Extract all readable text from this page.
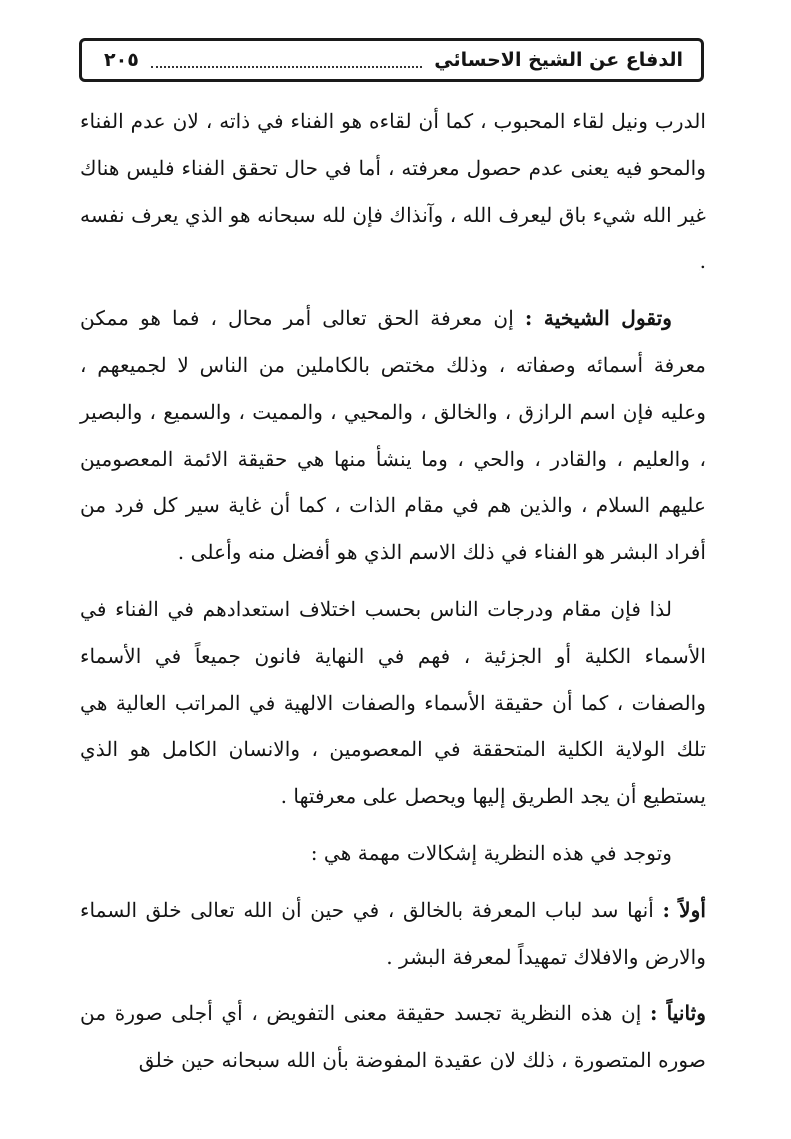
الدفاع عن الشيخ الاحسائي
٢٠٥

الدرب ونيل لقاء المحبوب ، كما أن لقاءه هو الفناء في ذاته ، لان عدم الفناء والمحو فيه يعنى عدم حصول معرفته ، أما في حال تحقق الفناء فليس هناك غير الله شيء باق ليعرف الله ، وآنذاك فإن لله سبحانه هو الذي يعرف نفسه .

وتقول الشيخية : إن معرفة الحق تعالى أمر محال ، فما هو ممكن معرفة أسمائه وصفاته ، وذلك مختص بالكاملين من الناس لا لجميعهم ، وعليه فإن اسم الرازق ، والخالق ، والمحيي ، والمميت ، والسميع ، والبصير ، والعليم ، والقادر ، والحي ، وما ينشأ منها هي حقيقة الائمة المعصومين عليهم السلام ، والذين هم في مقام الذات ، كما أن غاية سير كل فرد من أفراد البشر هو الفناء في ذلك الاسم الذي هو أفضل منه وأعلى .

لذا فإن مقام ودرجات الناس بحسب اختلاف استعدادهم في الفناء في الأسماء الكلية أو الجزئية ، فهم في النهاية فانون جميعاً في الأسماء والصفات ، كما أن حقيقة الأسماء والصفات الالهية في المراتب العالية هي تلك الولاية الكلية المتحققة في المعصومين ، والانسان الكامل هو الذي يستطيع أن يجد الطريق إليها ويحصل على معرفتها .

وتوجد في هذه النظرية إشكالات مهمة هي :

أولاً : أنها سد لباب المعرفة بالخالق ، في حين أن الله تعالى خلق السماء والارض والافلاك تمهيداً لمعرفة البشر .

وثانياً : إن هذه النظرية تجسد حقيقة معنى التفويض ، أي أجلى صورة من صوره المتصورة ، ذلك لان عقيدة المفوضة بأن الله سبحانه حين خلق
